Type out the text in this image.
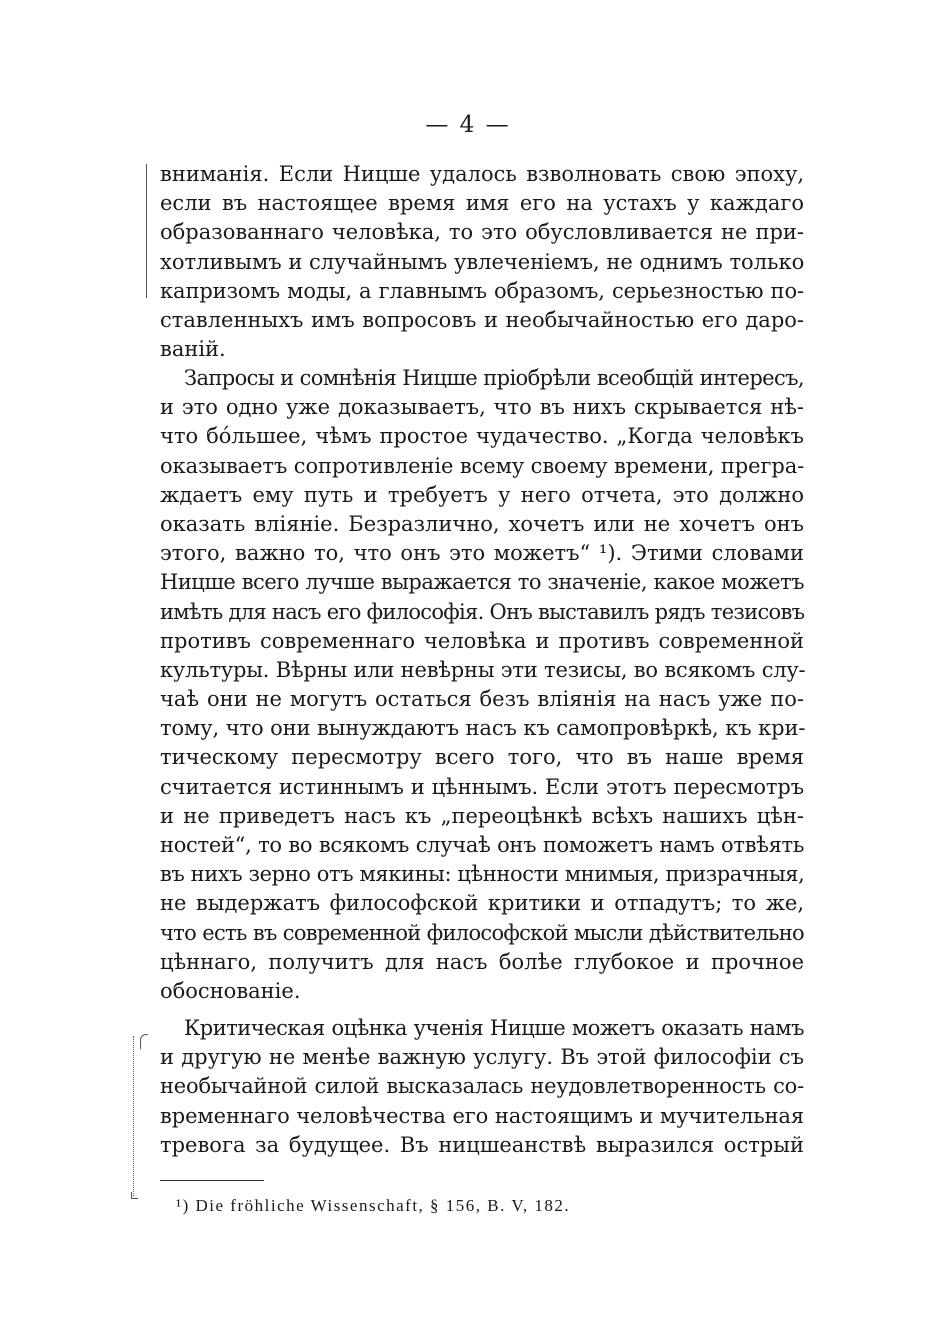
— 4 —
вниманія. Если Ницше удалось взволновать свою эпоху,
если въ настоящее время имя его на устахъ у каждаго
образованнаго человѣка, то это обусловливается не при-
хотливымъ и случайнымъ увлеченіемъ, не однимъ только
капризомъ моды, а главнымъ образомъ, серьезностью по-
ставленныхъ имъ вопросовъ и необычайностью его даро-
ваній.
Запросы и сомнѣнія Ницше пріобрѣли всеобщій интересъ,
и это одно уже доказываетъ, что въ нихъ скрывается нѣ-
что бóльшее, чѣмъ простое чудачество. „Когда человѣкъ
оказываетъ сопротивленіе всему своему времени, прегра-
ждаетъ ему путь и требуетъ у него отчета, это должно
оказать вліяніе. Безразлично, хочетъ или не хочетъ онъ
этого, важно то, что онъ это можетъ“ ¹). Этими словами
Ницше всего лучше выражается то значеніе, какое можетъ
имѣть для насъ его философія. Онъ выставилъ рядъ тезисовъ
противъ современнаго человѣка и противъ современной
культуры. Вѣрны или невѣрны эти тезисы, во всякомъ слу-
чаѣ они не могутъ остаться безъ вліянія на насъ уже по-
тому, что они вынуждаютъ насъ къ самопровѣркѣ, къ кри-
тическому пересмотру всего того, что въ наше время
считается истиннымъ и цѣннымъ. Если этотъ пересмотръ
и не приведетъ насъ къ „переоцѣнкѣ всѣхъ нашихъ цѣн-
ностей“, то во всякомъ случаѣ онъ поможетъ намъ отвѣять
въ нихъ зерно отъ мякины: цѣнности мнимыя, призрачныя,
не выдержатъ философской критики и отпадутъ; то же,
что есть въ современной философской мысли дѣйствительно
цѣннаго, получитъ для насъ болѣе глубокое и прочное
обоснованіе.
Критическая оцѣнка ученія Ницше можетъ оказать намъ
и другую не менѣе важную услугу. Въ этой философіи съ
необычайной силой высказалась неудовлетворенность со-
временнаго человѣчества его настоящимъ и мучительная
тревога за будущее. Въ ницшеанствѣ выразился острый
¹) Die fröhliche Wissenschaft, § 156, B. V, 182.
